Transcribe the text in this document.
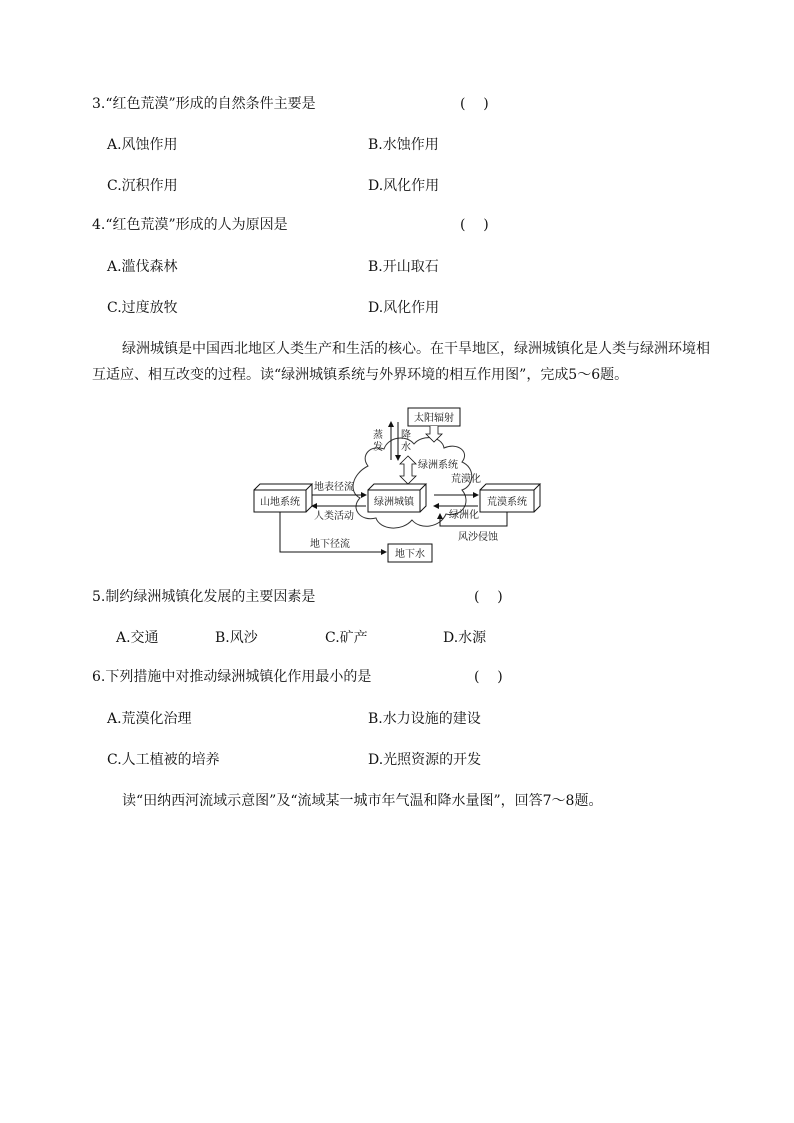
3.“红色荒漠”形成的自然条件主要是	(    )
A.风蚀作用	B.水蚀作用
C.沉积作用	D.风化作用
4.“红色荒漠”形成的人为原因是	(    )
A.滥伐森林	B.开山取石
C.过度放牧	D.风化作用
绿洲城镇是中国西北地区人类生产和生活的核心。在干旱地区，绿洲城镇化是人类与绿洲环境相互适应、相互改变的过程。读“绿洲城镇系统与外界环境的相互作用图”，完成5～6题。
太阳辐射
蒸
发
降
水
绿洲系统
山地系统	绿洲城镇	荒漠系统
地表径流
人类活动
荒漠化
绿洲化
风沙侵蚀
地下径流
地下水
5.制约绿洲城镇化发展的主要因素是	(    )
A.交通	B.风沙	C.矿产	D.水源
6.下列措施中对推动绿洲城镇化作用最小的是	(    )
A.荒漠化治理	B.水力设施的建设
C.人工植被的培养	D.光照资源的开发
读“田纳西河流域示意图”及“流域某一城市年气温和降水量图”，回答7～8题。
